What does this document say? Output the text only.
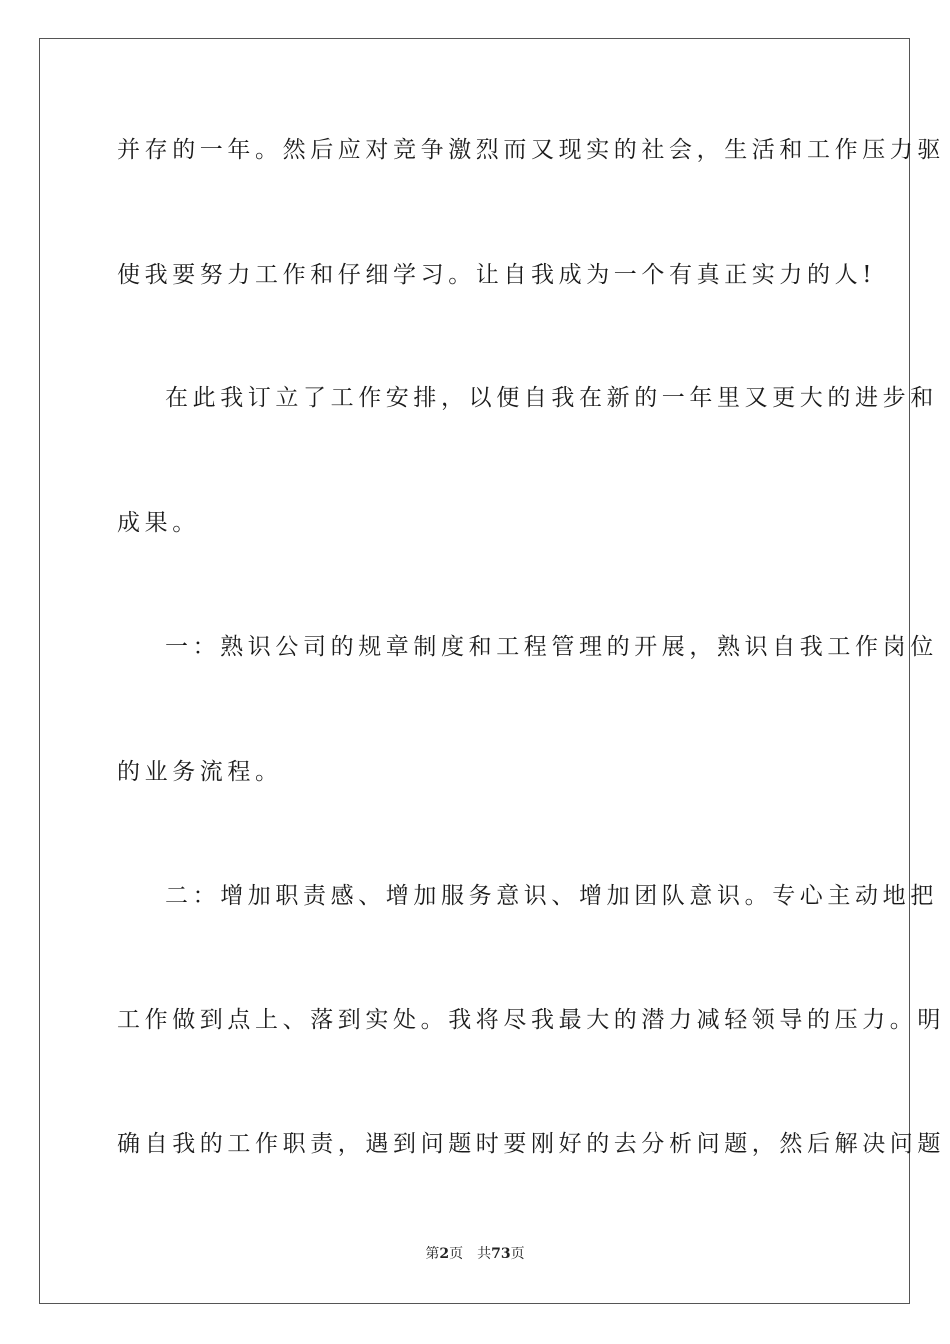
并存的一年。然后应对竞争激烈而又现实的社会，生活和工作压力驱
使我要努力工作和仔细学习。让自我成为一个有真正实力的人!
在此我订立了工作安排，以便自我在新的一年里又更大的进步和
成果。
一：熟识公司的规章制度和工程管理的开展，熟识自我工作岗位
的业务流程。
二：增加职责感、增加服务意识、增加团队意识。专心主动地把
工作做到点上、落到实处。我将尽我最大的潜力减轻领导的压力。明
确自我的工作职责，遇到问题时要刚好的去分析问题，然后解决问题
第2页 共73页
